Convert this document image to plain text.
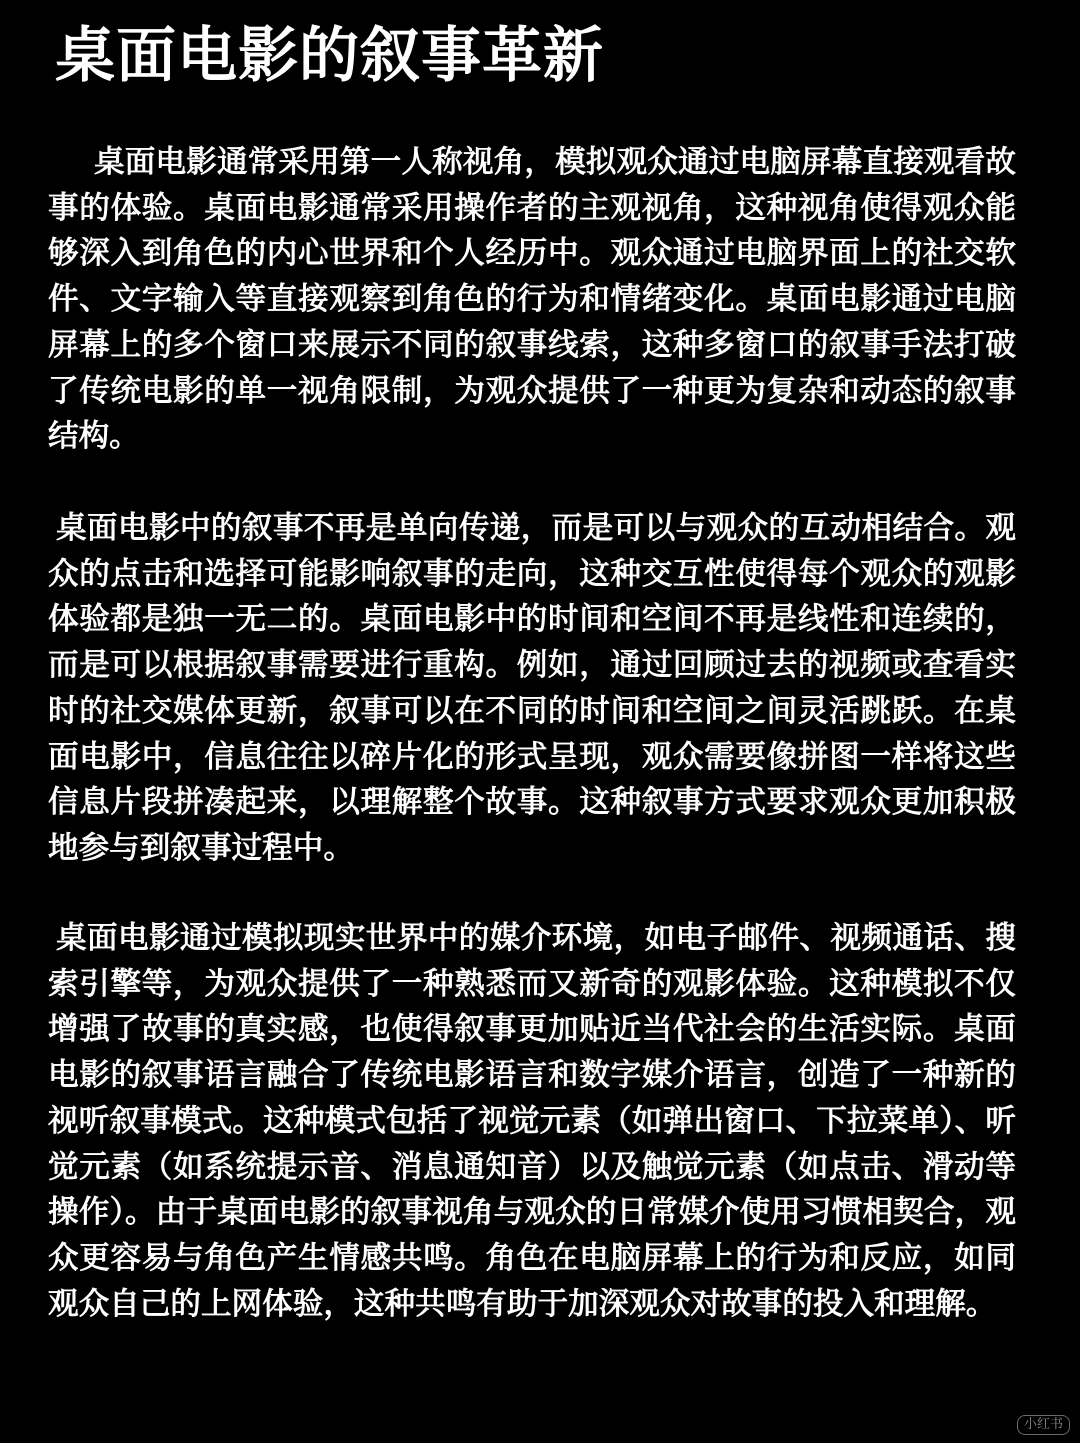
桌面电影的叙事革新

桌面电影通常采用第一人称视角，模拟观众通过电脑屏幕直接观看故事的体验。桌面电影通常采用操作者的主观视角，这种视角使得观众能够深入到角色的内心世界和个人经历中。观众通过电脑界面上的社交软件、文字输入等直接观察到角色的行为和情绪变化。桌面电影通过电脑屏幕上的多个窗口来展示不同的叙事线索，这种多窗口的叙事手法打破了传统电影的单一视角限制，为观众提供了一种更为复杂和动态的叙事结构。

桌面电影中的叙事不再是单向传递，而是可以与观众的互动相结合。观众的点击和选择可能影响叙事的走向，这种交互性使得每个观众的观影体验都是独一无二的。桌面电影中的时间和空间不再是线性和连续的，而是可以根据叙事需要进行重构。例如，通过回顾过去的视频或查看实时的社交媒体更新，叙事可以在不同的时间和空间之间灵活跳跃。在桌面电影中，信息往往以碎片化的形式呈现，观众需要像拼图一样将这些信息片段拼凑起来，以理解整个故事。这种叙事方式要求观众更加积极地参与到叙事过程中。

桌面电影通过模拟现实世界中的媒介环境，如电子邮件、视频通话、搜索引擎等，为观众提供了一种熟悉而又新奇的观影体验。这种模拟不仅增强了故事的真实感，也使得叙事更加贴近当代社会的生活实际。桌面电影的叙事语言融合了传统电影语言和数字媒介语言，创造了一种新的视听叙事模式。这种模式包括了视觉元素（如弹出窗口、下拉菜单）、听觉元素（如系统提示音、消息通知音）以及触觉元素（如点击、滑动等操作）。由于桌面电影的叙事视角与观众的日常媒介使用习惯相契合，观众更容易与角色产生情感共鸣。角色在电脑屏幕上的行为和反应，如同观众自己的上网体验，这种共鸣有助于加深观众对故事的投入和理解。

小红书
